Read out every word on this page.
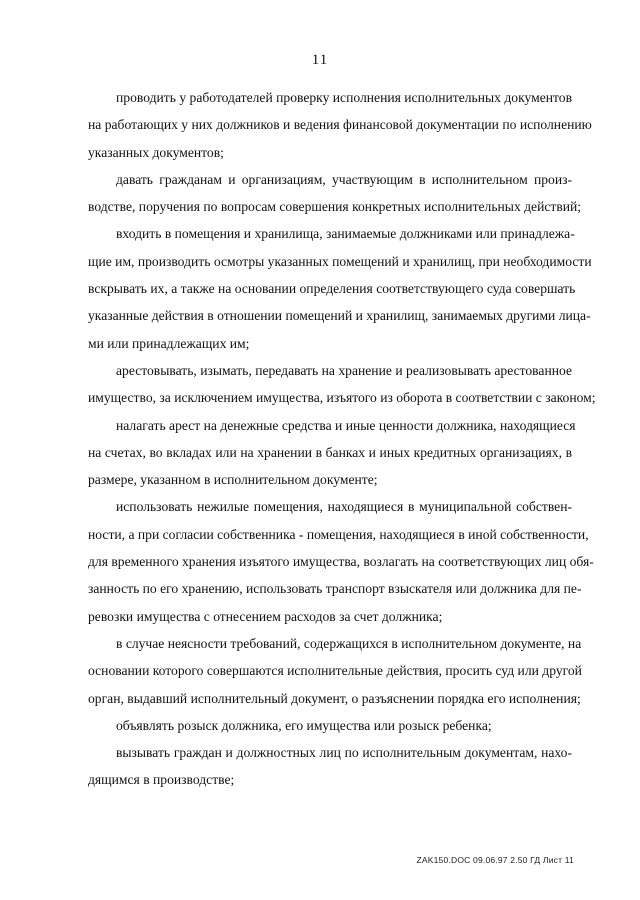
11

проводить у работодателей проверку исполнения исполнительных документов
на работающих у них должников и ведения финансовой документации по исполнению
указанных документов;

давать гражданам и организациям, участвующим в исполнительном произ-
водстве, поручения по вопросам совершения конкретных исполнительных действий;

входить в помещения и хранилища, занимаемые должниками или принадлежа-
щие им, производить осмотры указанных помещений и хранилищ, при необходимости
вскрывать их, а также на основании определения соответствующего суда совершать
указанные действия в отношении помещений и хранилищ, занимаемых другими лица-
ми или принадлежащих им;

арестовывать, изымать, передавать на хранение и реализовывать арестованное
имущество, за исключением имущества, изъятого из оборота в соответствии с законом;

налагать арест на денежные средства и иные ценности должника, находящиеся
на счетах, во вкладах или на хранении в банках и иных кредитных организациях, в
размере, указанном в исполнительном документе;

использовать нежилые помещения, находящиеся в муниципальной собствен-
ности, а при согласии собственника - помещения, находящиеся в иной собственности,
для временного хранения изъятого имущества, возлагать на соответствующих лиц обя-
занность по его хранению, использовать транспорт взыскателя или должника для пе-
ревозки имущества с отнесением расходов за счет должника;

в случае неясности требований, содержащихся в исполнительном документе, на
основании которого совершаются исполнительные действия, просить суд или другой
орган, выдавший исполнительный документ, о разъяснении порядка его исполнения;

объявлять розыск должника, его имущества или розыск ребенка;

вызывать граждан и должностных лиц по исполнительным документам, нахо-
дящимся в производстве;

ZAK150.DOC 09.06.97 2.50 ГД Лист 11
